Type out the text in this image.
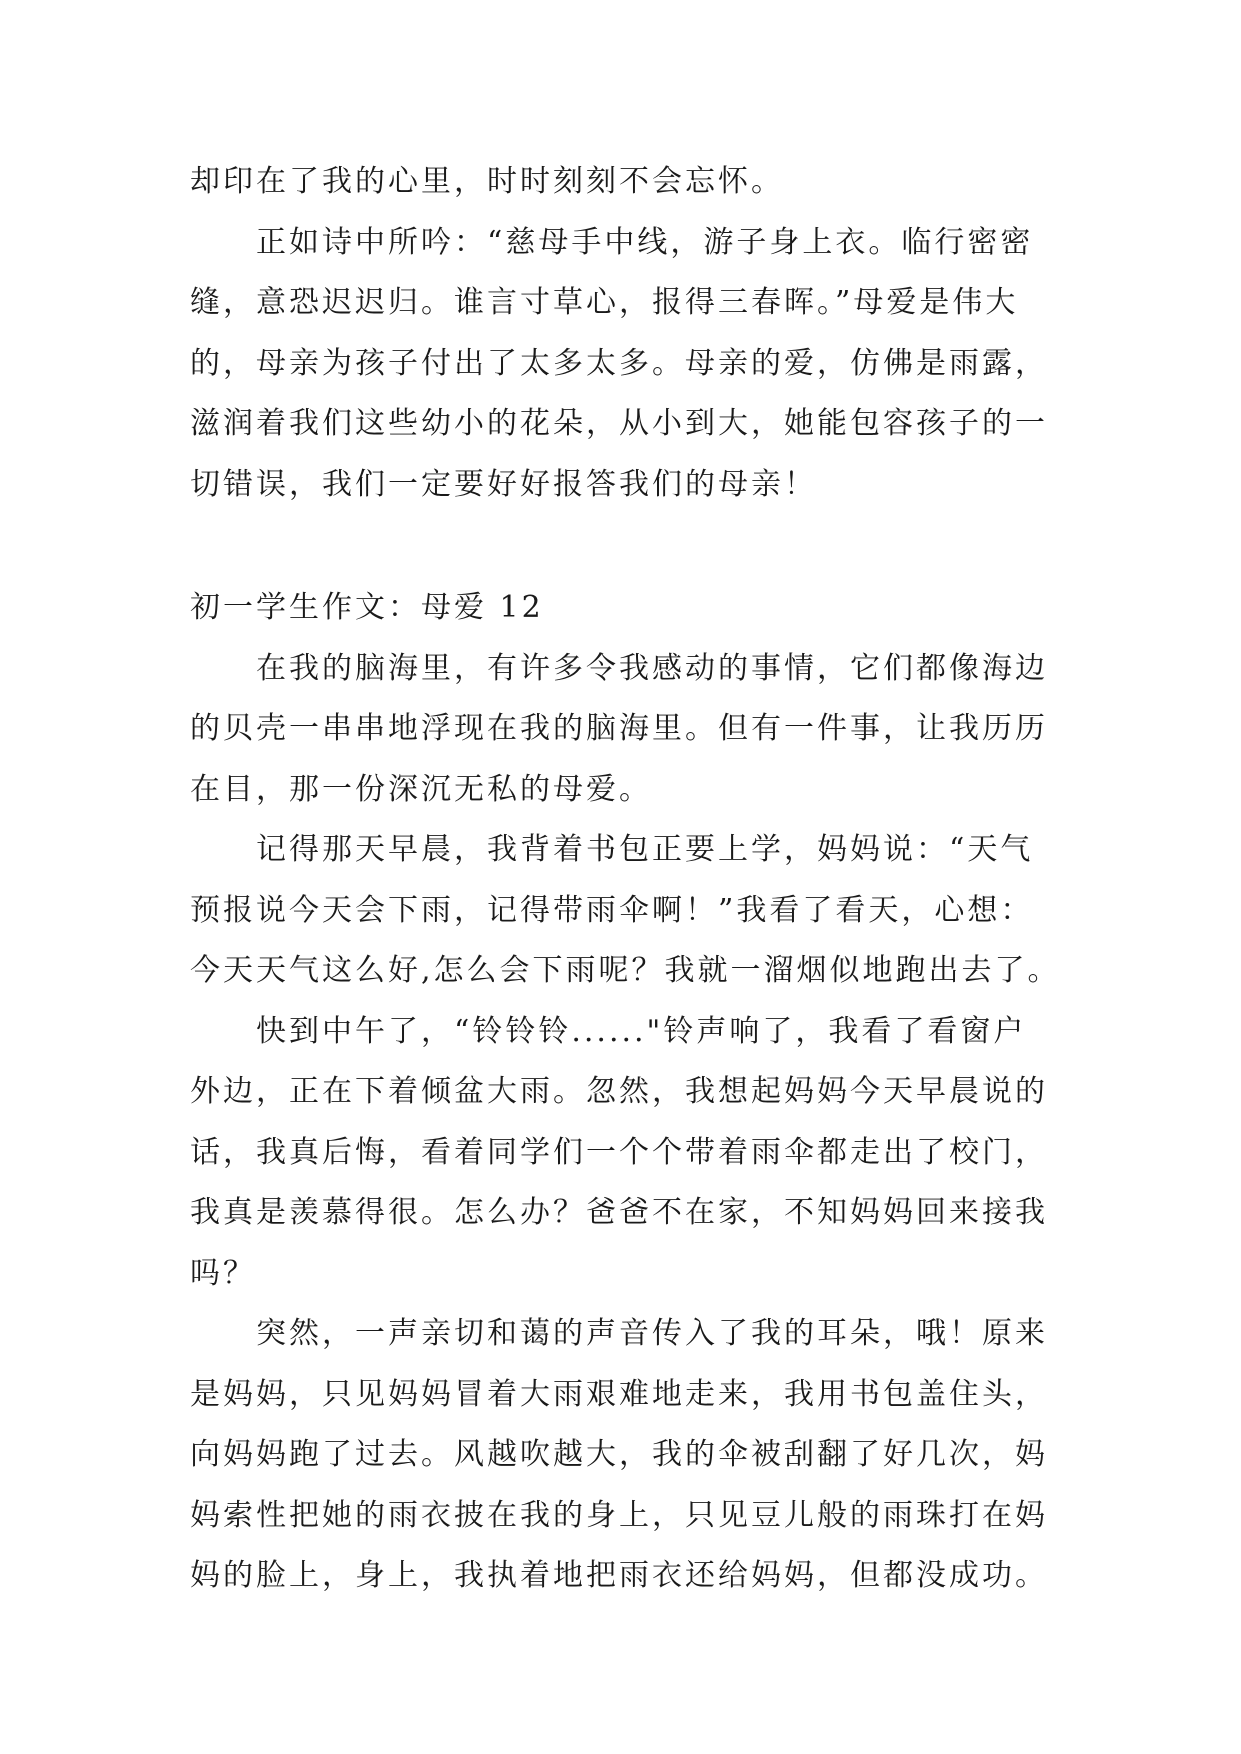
却印在了我的心里，时时刻刻不会忘怀。

正如诗中所吟：“慈母手中线，游子身上衣。临行密密
缝，意恐迟迟归。谁言寸草心，报得三春晖。”母爱是伟大
的，母亲为孩子付出了太多太多。母亲的爱，仿佛是雨露，
滋润着我们这些幼小的花朵，从小到大，她能包容孩子的一
切错误，我们一定要好好报答我们的母亲！

初一学生作文：母爱 12

在我的脑海里，有许多令我感动的事情，它们都像海边
的贝壳一串串地浮现在我的脑海里。但有一件事，让我历历
在目，那一份深沉无私的母爱。

记得那天早晨，我背着书包正要上学，妈妈说：“天气
预报说今天会下雨，记得带雨伞啊！”我看了看天，心想：
今天天气这么好,怎么会下雨呢？我就一溜烟似地跑出去了。

快到中午了，“铃铃铃......"铃声响了，我看了看窗户
外边，正在下着倾盆大雨。忽然，我想起妈妈今天早晨说的
话，我真后悔，看着同学们一个个带着雨伞都走出了校门，
我真是羡慕得很。怎么办？爸爸不在家，不知妈妈回来接我
吗？

突然，一声亲切和蔼的声音传入了我的耳朵，哦！原来
是妈妈，只见妈妈冒着大雨艰难地走来，我用书包盖住头，
向妈妈跑了过去。风越吹越大，我的伞被刮翻了好几次，妈
妈索性把她的雨衣披在我的身上，只见豆儿般的雨珠打在妈
妈的脸上，身上，我执着地把雨衣还给妈妈，但都没成功。
